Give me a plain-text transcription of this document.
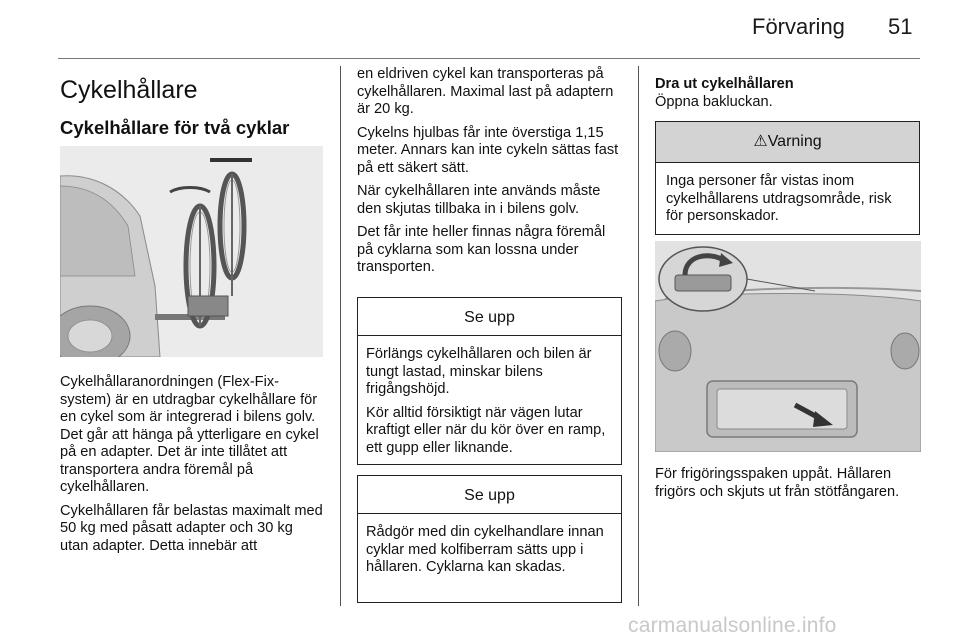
Förvaring 51
Cykelhållare
Cykelhållare för två cyklar

Cykelhållaranordningen (Flex-Fix-system) är en utdragbar cykelhållare för en cykel som är integrerad i bilens golv. Det går att hänga på ytterligare en cykel på en adapter. Det är inte tillåtet att transportera andra föremål på cykelhållaren.

Cykelhållaren får belastas maximalt med 50 kg med påsatt adapter och 30 kg utan adapter. Detta innebär att

en eldriven cykel kan transporteras på cykelhållaren. Maximal last på adaptern är 20 kg.

Cykelns hjulbas får inte överstiga 1,15 meter. Annars kan inte cykeln sättas fast på ett säkert sätt.

När cykelhållaren inte används måste den skjutas tillbaka in i bilens golv.

Det får inte heller finnas några föremål på cyklarna som kan lossna under transporten.

Se upp

Förlängs cykelhållaren och bilen är tungt lastad, minskar bilens frigångshöjd.

Kör alltid försiktigt när vägen lutar kraftigt eller när du kör över en ramp, ett gupp eller liknande.

Se upp

Rådgör med din cykelhandlare innan cyklar med kolfiberram sätts upp i hållaren. Cyklarna kan skadas.

Dra ut cykelhållaren
Öppna bakluckan.
⚠Varning
Inga personer får vistas inom cykelhållarens utdragsområde, risk för personskador.
För frigöringsspaken uppåt. Hållaren frigörs och skjuts ut från stötfångaren.
carmanualsonline.info
